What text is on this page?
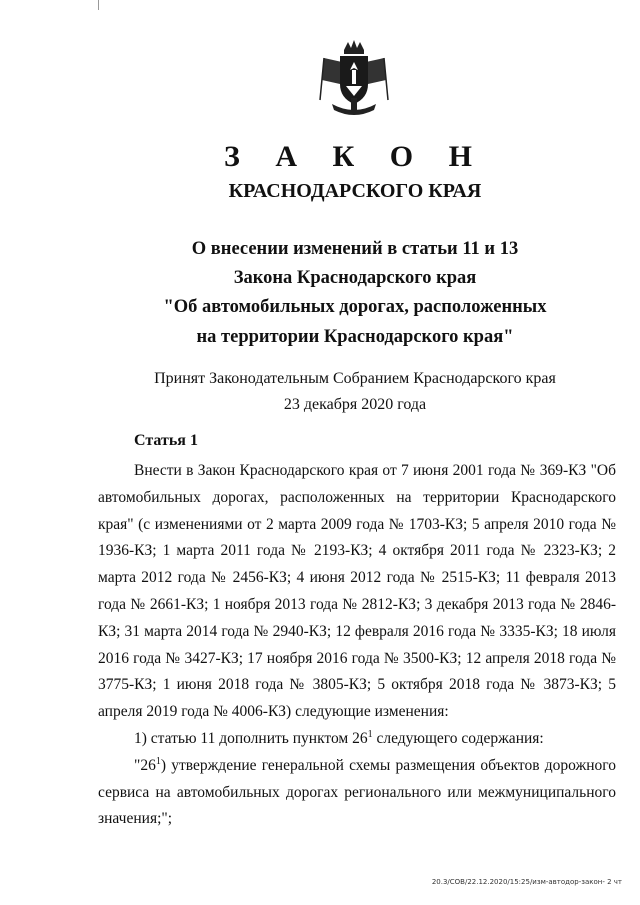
З А К О Н
КРАСНОДАРСКОГО КРАЯ
О внесении изменений в статьи 11 и 13
Закона Краснодарского края
"Об автомобильных дорогах, расположенных
на территории Краснодарского края"
Принят Законодательным Собранием Краснодарского края
23 декабря 2020 года
Статья 1

Внести в Закон Краснодарского края от 7 июня 2001 года № 369-КЗ "Об автомобильных дорогах, расположенных на территории Краснодарского края" (с изменениями от 2 марта 2009 года № 1703-КЗ; 5 апреля 2010 года № 1936-КЗ; 1 марта 2011 года № 2193-КЗ; 4 октября 2011 года № 2323-КЗ; 2 марта 2012 года № 2456-КЗ; 4 июня 2012 года № 2515-КЗ; 11 февраля 2013 года № 2661-КЗ; 1 ноября 2013 года № 2812-КЗ; 3 декабря 2013 года № 2846-КЗ; 31 марта 2014 года № 2940-КЗ; 12 февраля 2016 года № 3335-КЗ; 18 июля 2016 года № 3427-КЗ; 17 ноября 2016 года № 3500-КЗ; 12 апреля 2018 года № 3775-КЗ; 1 июня 2018 года № 3805-КЗ; 5 октября 2018 года № 3873-КЗ; 5 апреля 2019 года № 4006-КЗ) следующие изменения:

1) статью 11 дополнить пунктом $26^1$ следующего содержания:

"$26^1$) утверждение генеральной схемы размещения объектов дорожного сервиса на автомобильных дорогах регионального или межмуниципального значения;";

20.3/СОВ/22.12.2020/15:25/изм-автодор-закон- 2 чт
